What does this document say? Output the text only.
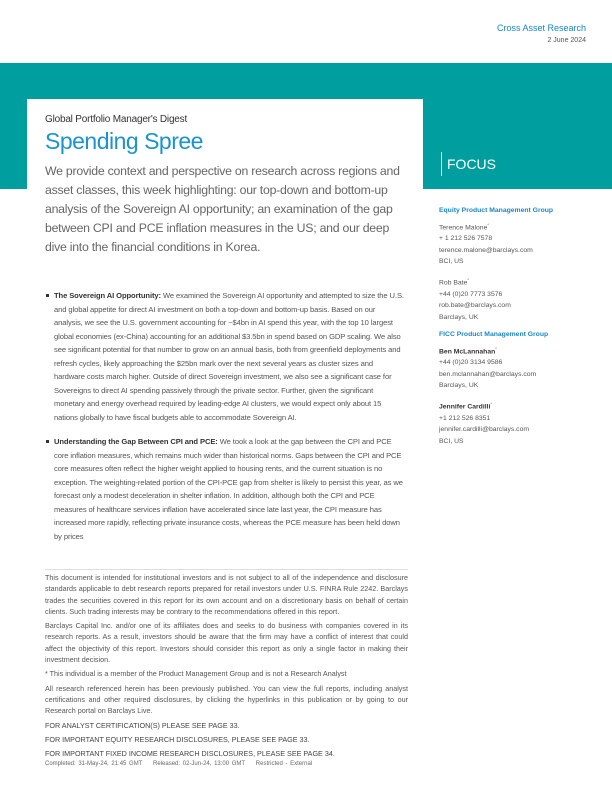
Cross Asset Research
2 June 2024
FOCUS
Global Portfolio Manager's Digest
Spending Spree
We provide context and perspective on research across regions and asset classes, this week highlighting: our top-down and bottom-up analysis of the Sovereign AI opportunity; an examination of the gap between CPI and PCE inflation measures in the US; and our deep dive into the financial conditions in Korea.
The Sovereign AI Opportunity: We examined the Sovereign AI opportunity and attempted to size the U.S. and global appetite for direct AI investment on both a top-down and bottom-up basis. Based on our analysis, we see the U.S. government accounting for ~$4bn in AI spend this year, with the top 10 largest global economies (ex-China) accounting for an additional $3.5bn in spend based on GDP scaling. We also see significant potential for that number to grow on an annual basis, both from greenfield deployments and refresh cycles, likely approaching the $25bn mark over the next several years as cluster sizes and hardware costs march higher. Outside of direct Sovereign investment, we also see a significant case for Sovereigns to direct AI spending passively through the private sector. Further, given the significant monetary and energy overhead required by leading-edge AI clusters, we would expect only about 15 nations globally to have fiscal budgets able to accommodate Sovereign AI.
Understanding the Gap Between CPI and PCE: We took a look at the gap between the CPI and PCE core inflation measures, which remains much wider than historical norms. Gaps between the CPI and PCE core measures often reflect the higher weight applied to housing rents, and the current situation is no exception. The weighting-related portion of the CPI-PCE gap from shelter is likely to persist this year, as we forecast only a modest deceleration in shelter inflation. In addition, although both the CPI and PCE measures of healthcare services inflation have accelerated since late last year, the CPI measure has increased more rapidly, reflecting private insurance costs, whereas the PCE measure has been held down by prices
Equity Product Management Group
Terence Malone*
+ 1 212 526 7578
terence.malone@barclays.com
BCI, US
Rob Bate*
+44 (0)20 7773 3576
rob.bate@barclays.com
Barclays, UK
FICC Product Management Group
Ben McLannahan*
+44 (0)20 3134 9586
ben.mclannahan@barclays.com
Barclays, UK
Jennifer Cardilli*
+1 212 526 8351
jennifer.cardilli@barclays.com
BCI, US

This document is intended for institutional investors and is not subject to all of the independence and disclosure standards applicable to debt research reports prepared for retail investors under U.S. FINRA Rule 2242. Barclays trades the securities covered in this report for its own account and on a discretionary basis on behalf of certain clients. Such trading interests may be contrary to the recommendations offered in this report.

Barclays Capital Inc. and/or one of its affiliates does and seeks to do business with companies covered in its research reports. As a result, investors should be aware that the firm may have a conflict of interest that could affect the objectivity of this report. Investors should consider this report as only a single factor in making their investment decision.

* This individual is a member of the Product Management Group and is not a Research Analyst

All research referenced herein has been previously published. You can view the full reports, including analyst certifications and other required disclosures, by clicking the hyperlinks in this publication or by going to our Research portal on Barclays Live.

FOR ANALYST CERTIFICATION(S) PLEASE SEE PAGE 33.

FOR IMPORTANT EQUITY RESEARCH DISCLOSURES, PLEASE SEE PAGE 33.

FOR IMPORTANT FIXED INCOME RESEARCH DISCLOSURES, PLEASE SEE PAGE 34.

Completed: 31-May-24, 21:45 GMT Released: 02-Jun-24, 13:00 GMT Restricted - External
